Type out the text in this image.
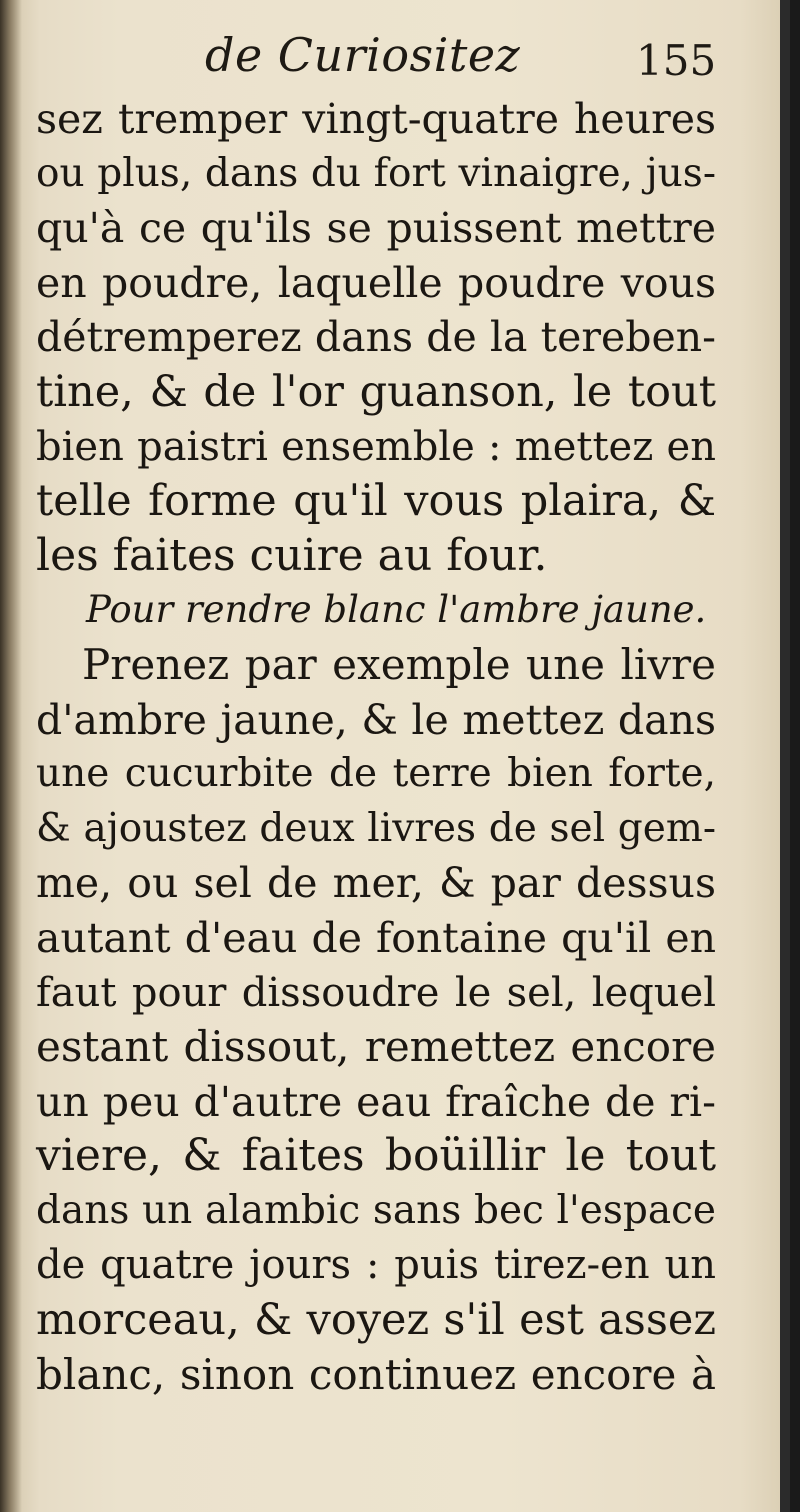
de Curiositez	155
sez tremper vingt-quatre heures
ou plus, dans du fort vinaigre, jus-
qu'à ce qu'ils se puissent mettre
en poudre, laquelle poudre vous
détremperez dans de la tereben-
tine, & de l'or guanson, le tout
bien paistri ensemble : mettez en
telle forme qu'il vous plaira, &
les faites cuire au four.
Pour rendre blanc l'ambre jaune.
Prenez par exemple une livre
d'ambre jaune, & le mettez dans
une cucurbite de terre bien forte,
& ajoustez deux livres de sel gem-
me, ou sel de mer, & par dessus
autant d'eau de fontaine qu'il en
faut pour dissoudre le sel, lequel
estant dissout, remettez encore
un peu d'autre eau fraîche de ri-
viere, & faites boüillir le tout
dans un alambic sans bec l'espace
de quatre jours : puis tirez-en un
morceau, & voyez s'il est assez
blanc, sinon continuez encore à
